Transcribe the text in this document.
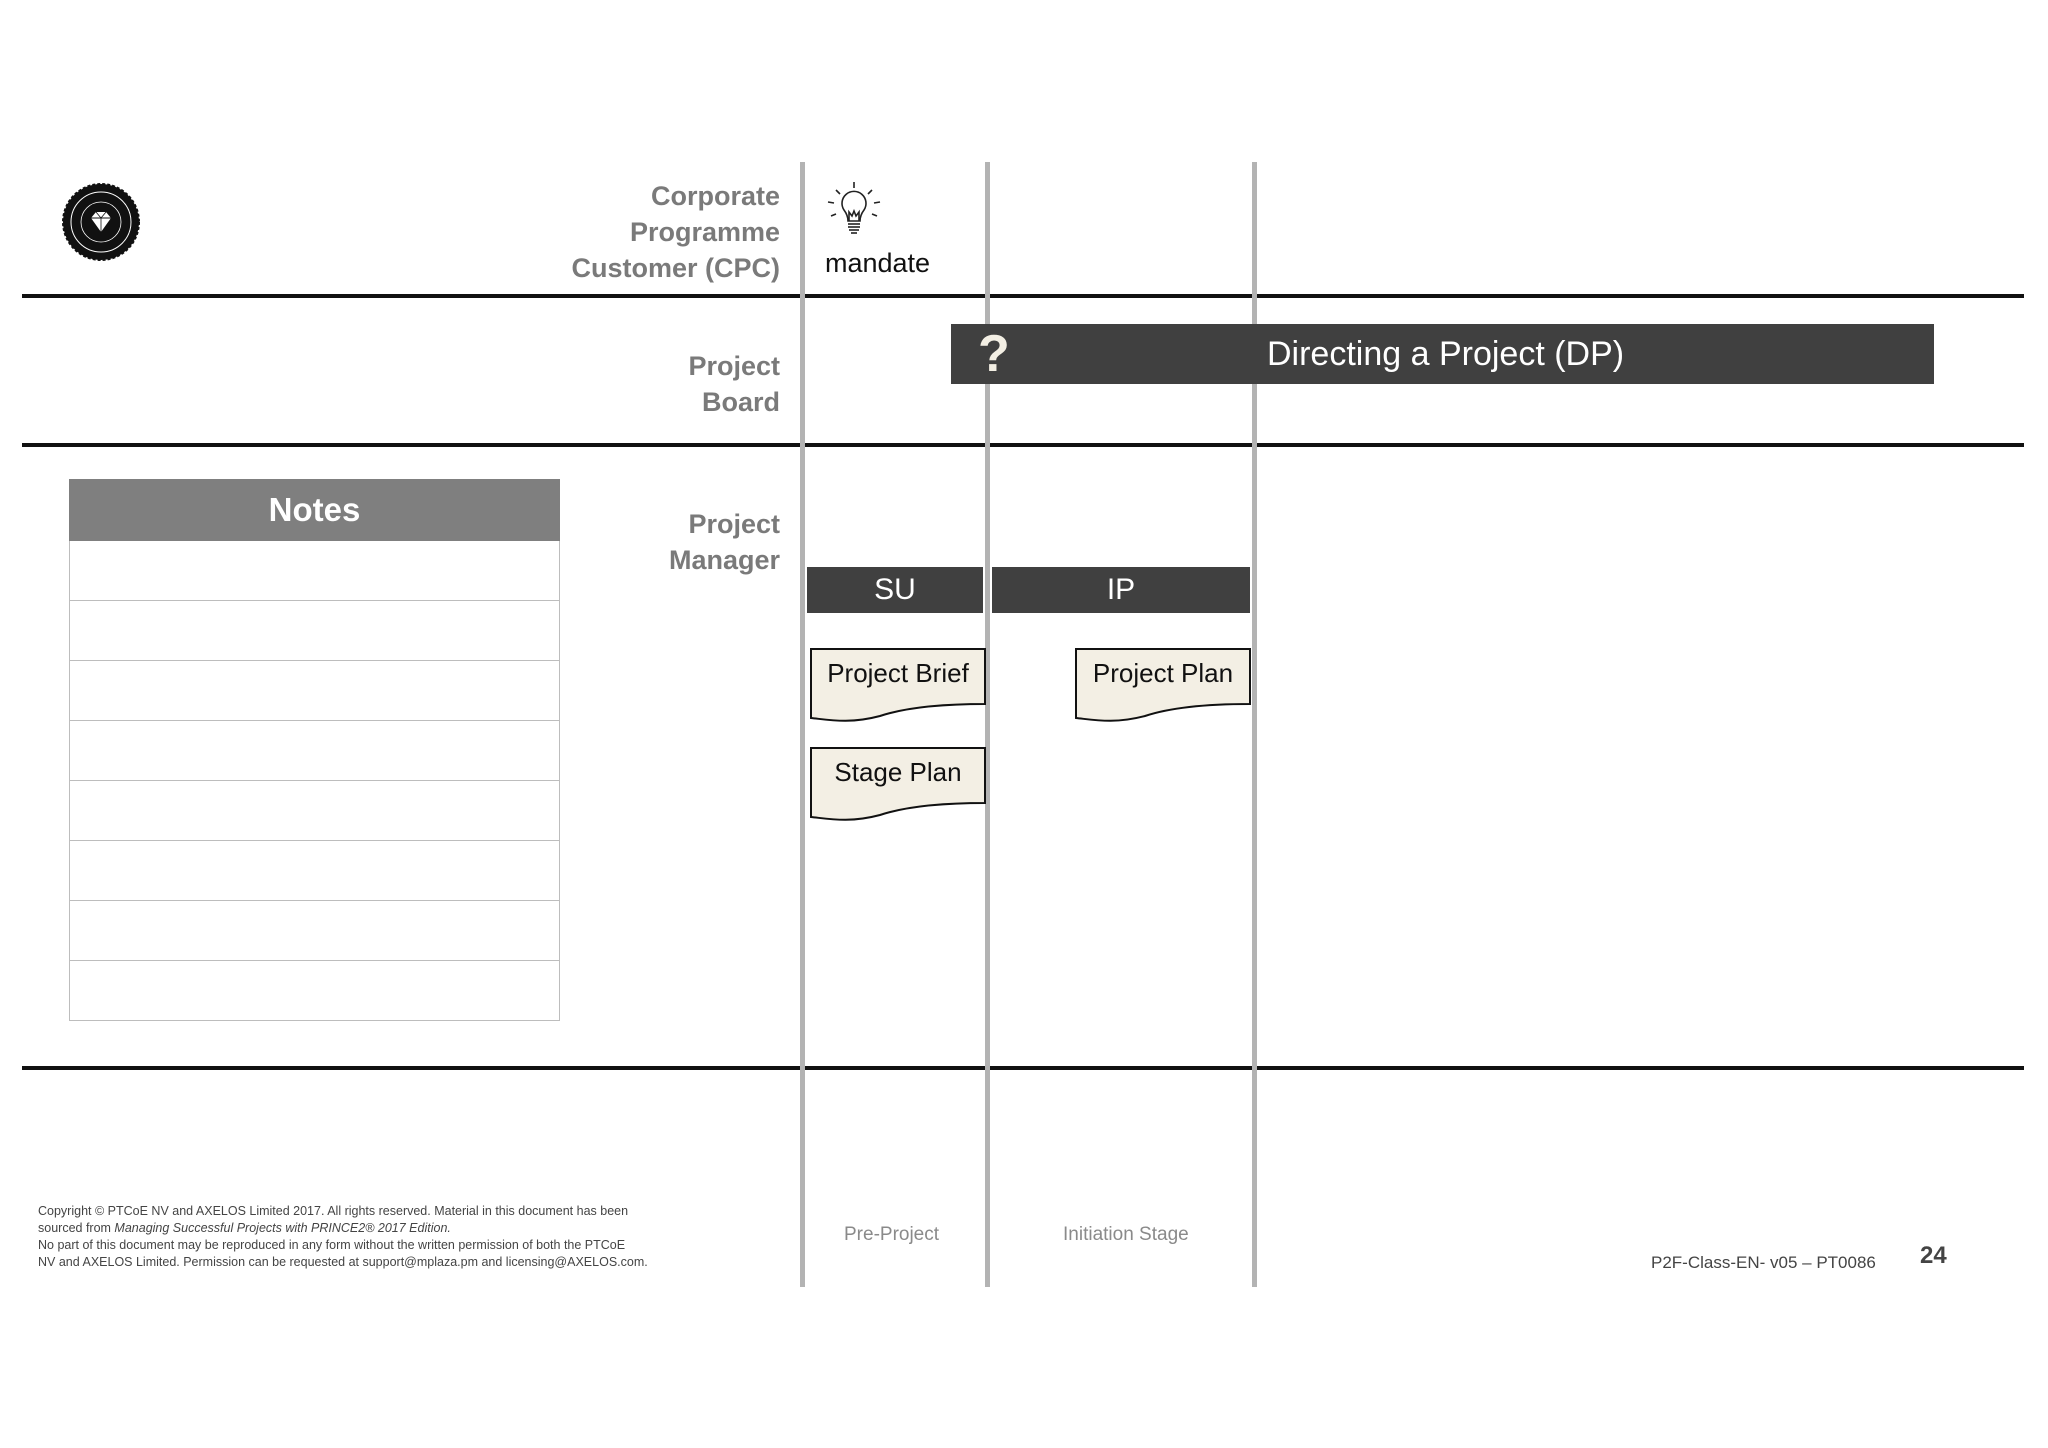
Corporate
Programme
Customer (CPC)
Project
Board
Project
Manager
mandate
?	Directing a Project (DP)
SU	IP
Project Brief
Stage Plan
Project Plan
Notes
Pre-Project	Initiation Stage
Copyright © PTCoE NV and AXELOS Limited 2017. All rights reserved. Material in this document has been
sourced from Managing Successful Projects with PRINCE2® 2017 Edition.
No part of this document may be reproduced in any form without the written permission of both the PTCoE
NV and AXELOS Limited. Permission can be requested at support@mplaza.pm and licensing@AXELOS.com.	P2F-Class-EN- v05 – PT0086 24
